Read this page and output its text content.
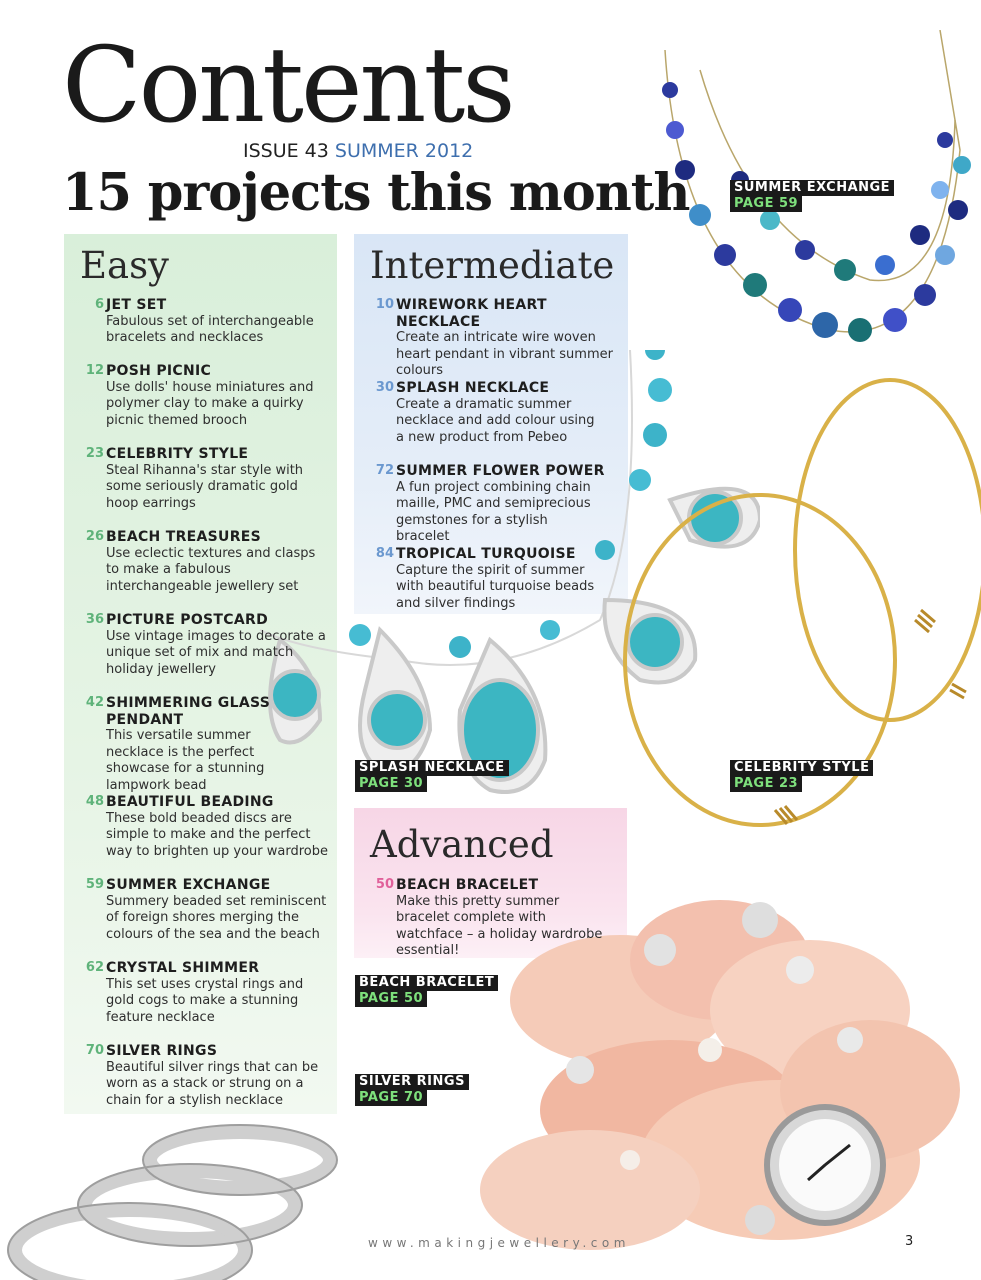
Contents
ISSUE 43 SUMMER 2012
15 projects this month
Easy
6 JET SET
Fabulous set of interchangeable bracelets and necklaces
12 POSH PICNIC
Use dolls' house miniatures and polymer clay to make a quirky picnic themed brooch
23 CELEBRITY STYLE
Steal Rihanna's star style with some seriously dramatic gold hoop earrings
26 BEACH TREASURES
Use eclectic textures and clasps to make a fabulous interchangeable jewellery set
36 PICTURE POSTCARD
Use vintage images to decorate a unique set of mix and match holiday jewellery
42 SHIMMERING GLASS PENDANT
This versatile summer necklace is the perfect showcase for a stunning lampwork bead
48 BEAUTIFUL BEADING
These bold beaded discs are simple to make and the perfect way to brighten up your wardrobe
59 SUMMER EXCHANGE
Summery beaded set reminiscent of foreign shores merging the colours of the sea and the beach
62 CRYSTAL SHIMMER
This set uses crystal rings and gold cogs to make a stunning feature necklace
70 SILVER RINGS
Beautiful silver rings that can be worn as a stack or strung on a chain for a stylish necklace
Intermediate
10 WIREWORK HEART NECKLACE
Create an intricate wire woven heart pendant in vibrant summer colours
30 SPLASH NECKLACE
Create a dramatic summer necklace and add colour using a new product from Pebeo
72 SUMMER FLOWER POWER
A fun project combining chain maille, PMC and semiprecious gemstones for a stylish bracelet
84 TROPICAL TURQUOISE
Capture the spirit of summer with beautiful turquoise beads and silver findings
Advanced
50 BEACH BRACELET
Make this pretty summer bracelet complete with watchface – a holiday wardrobe essential!
SUMMER EXCHANGE
PAGE 59
SPLASH NECKLACE
PAGE 30
CELEBRITY STYLE
PAGE 23
BEACH BRACELET
PAGE 50
SILVER RINGS
PAGE 70
www.makingjewellery.com	3
